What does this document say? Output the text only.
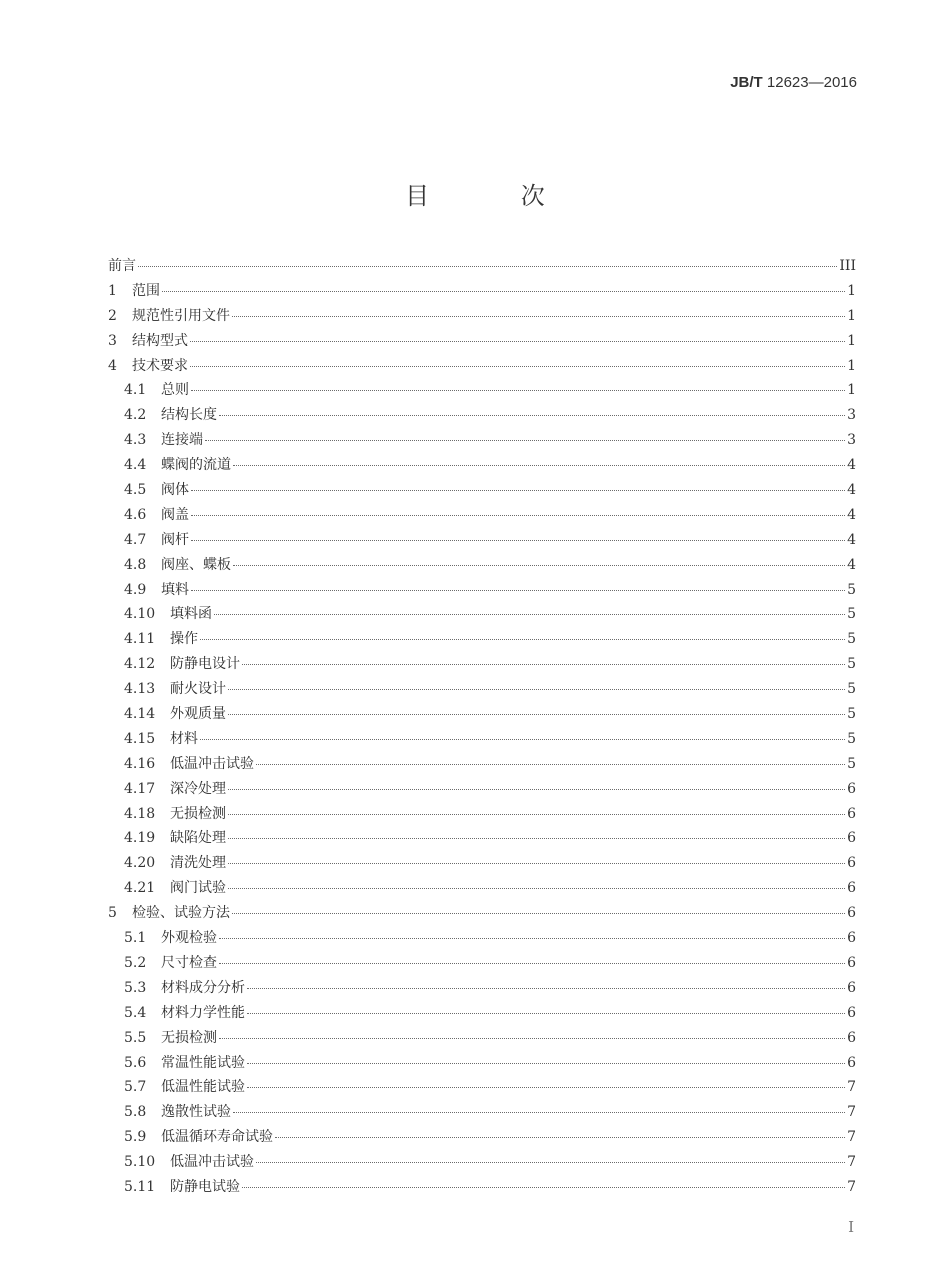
JB/T 12623—2016
目 次
前言	III
1	范围	1
2	规范性引用文件	1
3	结构型式	1
4	技术要求	1
4.1	总则	1
4.2	结构长度	3
4.3	连接端	3
4.4	蝶阀的流道	4
4.5	阀体	4
4.6	阀盖	4
4.7	阀杆	4
4.8	阀座、蝶板	4
4.9	填料	5
4.10	填料函	5
4.11	操作	5
4.12	防静电设计	5
4.13	耐火设计	5
4.14	外观质量	5
4.15	材料	5
4.16	低温冲击试验	5
4.17	深冷处理	6
4.18	无损检测	6
4.19	缺陷处理	6
4.20	清洗处理	6
4.21	阀门试验	6
5	检验、试验方法	6
5.1	外观检验	6
5.2	尺寸检查	6
5.3	材料成分分析	6
5.4	材料力学性能	6
5.5	无损检测	6
5.6	常温性能试验	6
5.7	低温性能试验	7
5.8	逸散性试验	7
5.9	低温循环寿命试验	7
5.10	低温冲击试验	7
5.11	防静电试验	7
I
